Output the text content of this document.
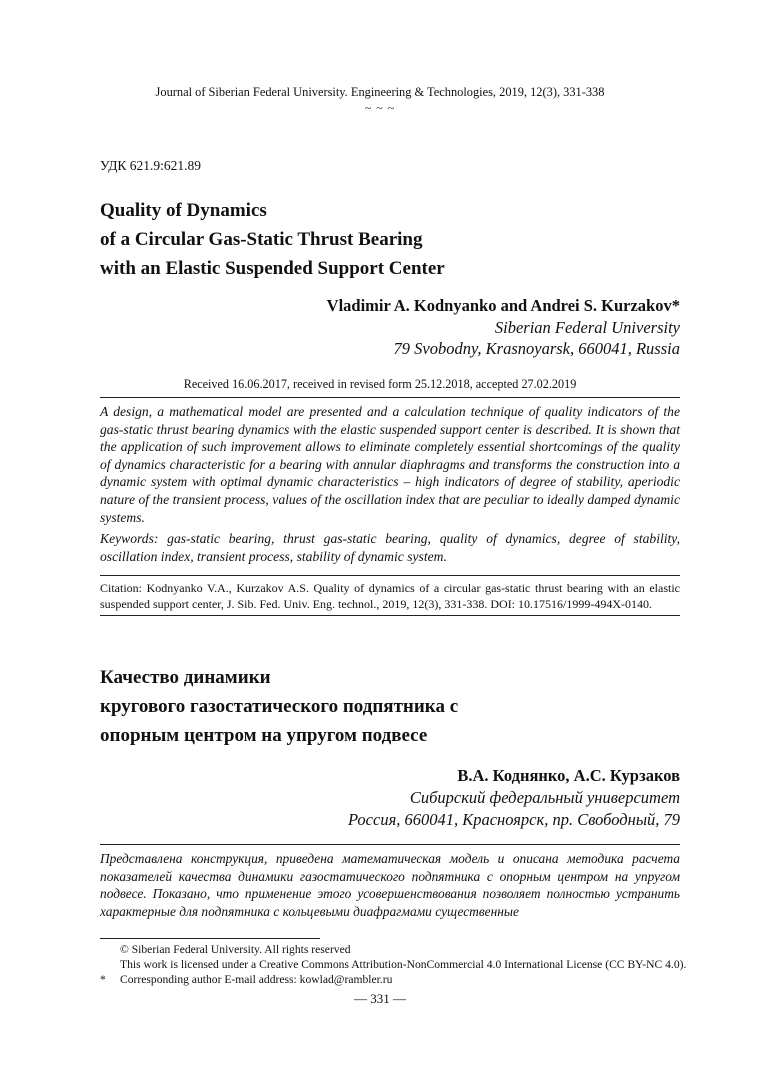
Journal of Siberian Federal University. Engineering & Technologies, 2019, 12(3), 331-338
~ ~ ~
УДК 621.9:621.89
Quality of Dynamics
of a Circular Gas-Static Thrust Bearing
with an Elastic Suspended Support Center
Vladimir A. Kodnyanko and Andrei S. Kurzakov*
Siberian Federal University
79 Svobodny, Krasnoyarsk, 660041, Russia
Received 16.06.2017, received in revised form 25.12.2018, accepted 27.02.2019
A design, a mathematical model are presented and a calculation technique of quality indicators of the gas-static thrust bearing dynamics with the elastic suspended support center is described. It is shown that the application of such improvement allows to eliminate completely essential shortcomings of the quality of dynamics characteristic for a bearing with annular diaphragms and transforms the construction into a dynamic system with optimal dynamic characteristics – high indicators of degree of stability, aperiodic nature of the transient process, values of the oscillation index that are peculiar to ideally damped dynamic systems.
Keywords: gas-static bearing, thrust gas-static bearing, quality of dynamics, degree of stability, oscillation index, transient process, stability of dynamic system.
Citation: Kodnyanko V.A., Kurzakov A.S. Quality of dynamics of a circular gas-static thrust bearing with an elastic suspended support center, J. Sib. Fed. Univ. Eng. technol., 2019, 12(3), 331-338. DOI: 10.17516/1999-494X-0140.
Качество динамики
кругового газостатического подпятника с
опорным центром на упругом подвесе
В.А. Коднянко, А.С. Курзаков
Сибирский федеральный университет
Россия, 660041, Красноярск, пр. Свободный, 79
Представлена конструкция, приведена математическая модель и описана методика расчета показателей качества динамики газостатического подпятника с опорным центром на упругом подвесе. Показано, что применение этого усовершенствования позволяет полностью устранить характерные для подпятника с кольцевыми диафрагмами существенные
© Siberian Federal University. All rights reserved
This work is licensed under a Creative Commons Attribution-NonCommercial 4.0 International License (CC BY-NC 4.0).
* Corresponding author E-mail address: kowlad@rambler.ru
— 331 —
